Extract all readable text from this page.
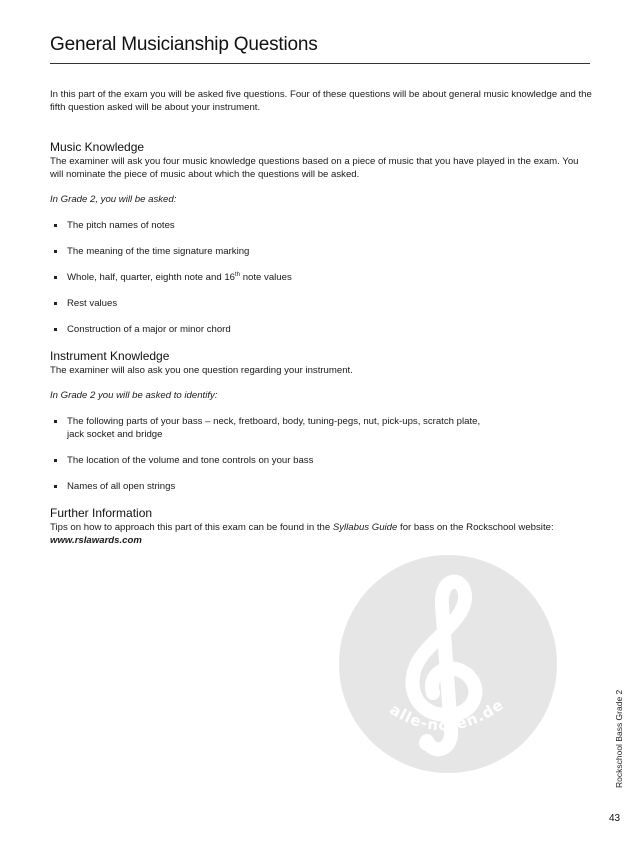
General Musicianship Questions

In this part of the exam you will be asked five questions. Four of these questions will be about general music knowledge and the fifth question asked will be about your instrument.

Music Knowledge

The examiner will ask you four music knowledge questions based on a piece of music that you have played in the exam. You will nominate the piece of music about which the questions will be asked.

In Grade 2, you will be asked:

The pitch names of notes
The meaning of the time signature marking
Whole, half, quarter, eighth note and 16th note values
Rest values
Construction of a major or minor chord
Instrument Knowledge

The examiner will also ask you one question regarding your instrument.

In Grade 2 you will be asked to identify:

The following parts of your bass – neck, fretboard, body, tuning-pegs, nut, pick-ups, scratch plate,
jack socket and bridge
The location of the volume and tone controls on your bass
Names of all open strings
Further Information

Tips on how to approach this part of this exam can be found in the Syllabus Guide for bass on the Rockschool website:

www.rslawards.com

alle-noten.de	Rockschool Bass Grade 2
43
